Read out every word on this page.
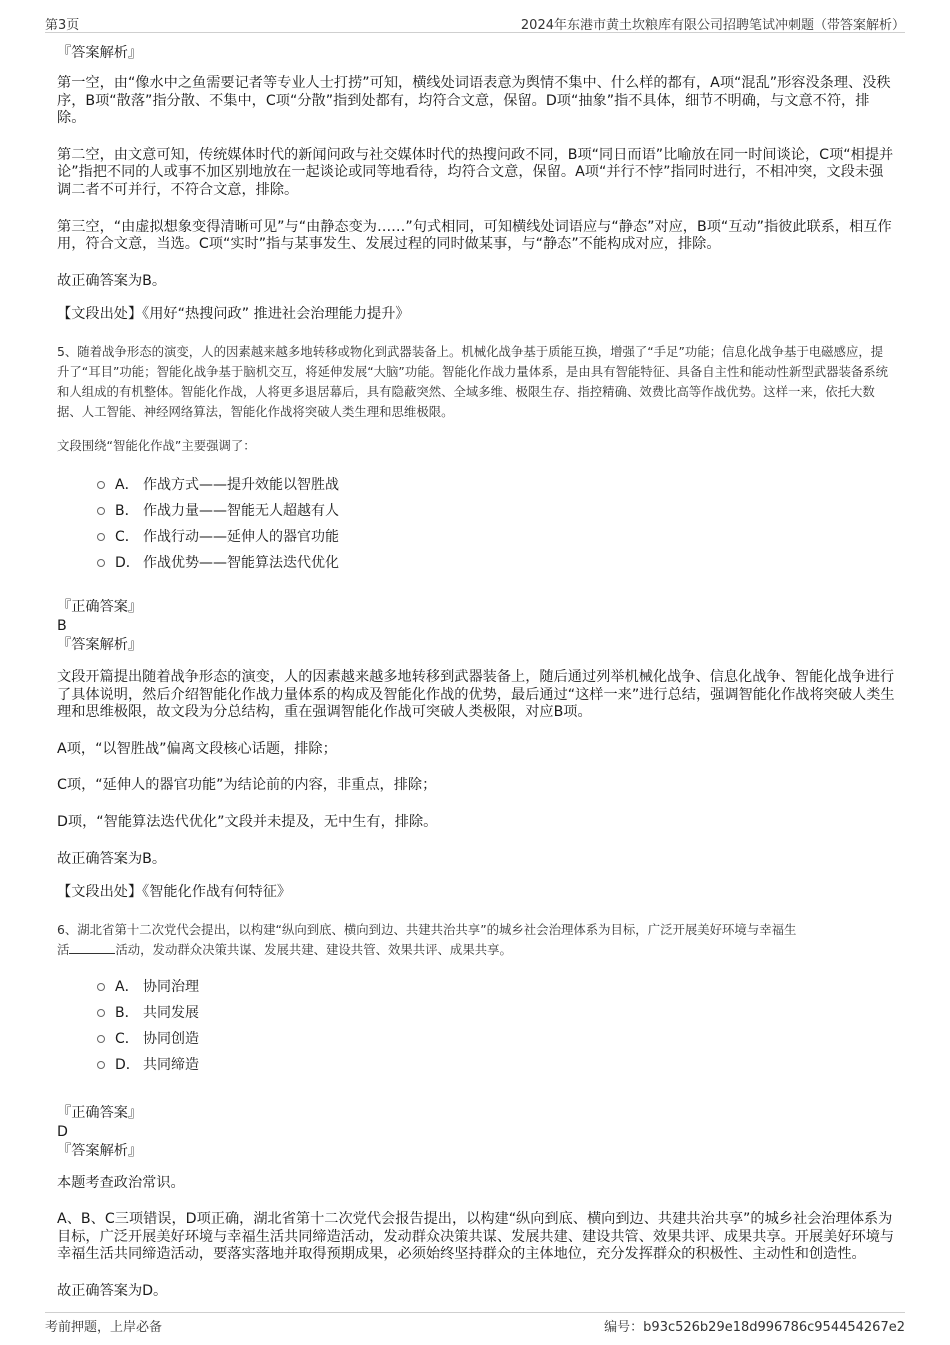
第3页	2024年东港市黄土坎粮库有限公司招聘笔试冲刺题（带答案解析）

『答案解析』

第一空，由“像水中之鱼需要记者等专业人士打捞”可知，横线处词语表意为舆情不集中、什么样的都有，A项“混乱”形容没条理、没秩序，B项“散落”指分散、不集中，C项“分散”指到处都有，均符合文意，保留。D项“抽象”指不具体，细节不明确，与文意不符，排除。

第二空，由文意可知，传统媒体时代的新闻问政与社交媒体时代的热搜问政不同，B项“同日而语”比喻放在同一时间谈论，C项“相提并论”指把不同的人或事不加区别地放在一起谈论或同等地看待，均符合文意，保留。A项“并行不悖”指同时进行，不相冲突，文段未强调二者不可并行，不符合文意，排除。

第三空，“由虚拟想象变得清晰可见”与“由静态变为……”句式相同，可知横线处词语应与“静态”对应，B项“互动”指彼此联系，相互作用，符合文意，当选。C项“实时”指与某事发生、发展过程的同时做某事，与“静态”不能构成对应，排除。

故正确答案为B。

【文段出处】《用好“热搜问政” 推进社会治理能力提升》

5、随着战争形态的演变，人的因素越来越多地转移或物化到武器装备上。机械化战争基于质能互换，增强了“手足”功能；信息化战争基于电磁感应，提升了“耳目”功能；智能化战争基于脑机交互，将延伸发展“大脑”功能。智能化作战力量体系，是由具有智能特征、具备自主性和能动性新型武器装备系统和人组成的有机整体。智能化作战，人将更多退居幕后，具有隐蔽突然、全域多维、极限生存、指控精确、效费比高等作战优势。这样一来，依托大数据、人工智能、神经网络算法，智能化作战将突破人类生理和思维极限。

文段围绕“智能化作战”主要强调了：

A． 作战方式——提升效能以智胜战
B． 作战力量——智能无人超越有人
C． 作战行动——延伸人的器官功能
D． 作战优势——智能算法迭代优化

『正确答案』

B

『答案解析』

文段开篇提出随着战争形态的演变，人的因素越来越多地转移到武器装备上，随后通过列举机械化战争、信息化战争、智能化战争进行了具体说明，然后介绍智能化作战力量体系的构成及智能化作战的优势，最后通过“这样一来”进行总结，强调智能化作战将突破人类生理和思维极限，故文段为分总结构，重在强调智能化作战可突破人类极限，对应B项。

A项，“以智胜战”偏离文段核心话题，排除；

C项，“延伸人的器官功能”为结论前的内容，非重点，排除；

D项，“智能算法迭代优化”文段并未提及，无中生有，排除。

故正确答案为B。

【文段出处】《智能化作战有何特征》

6、湖北省第十二次党代会提出，以构建“纵向到底、横向到边、共建共治共享”的城乡社会治理体系为目标，广泛开展美好环境与幸福生
活	活动，发动群众决策共谋、发展共建、建设共管、效果共评、成果共享。

A． 协同治理
B． 共同发展
C． 协同创造
D． 共同缔造

『正确答案』

D

『答案解析』

本题考查政治常识。

A、B、C三项错误，D项正确，湖北省第十二次党代会报告提出，以构建“纵向到底、横向到边、共建共治共享”的城乡社会治理体系为目标，广泛开展美好环境与幸福生活共同缔造活动，发动群众决策共谋、发展共建、建设共管、效果共评、成果共享。开展美好环境与幸福生活共同缔造活动，要落实落地并取得预期成果，必须始终坚持群众的主体地位，充分发挥群众的积极性、主动性和创造性。

故正确答案为D。

考前押题，上岸必备	编号：b93c526b29e18d996786c954454267e2
